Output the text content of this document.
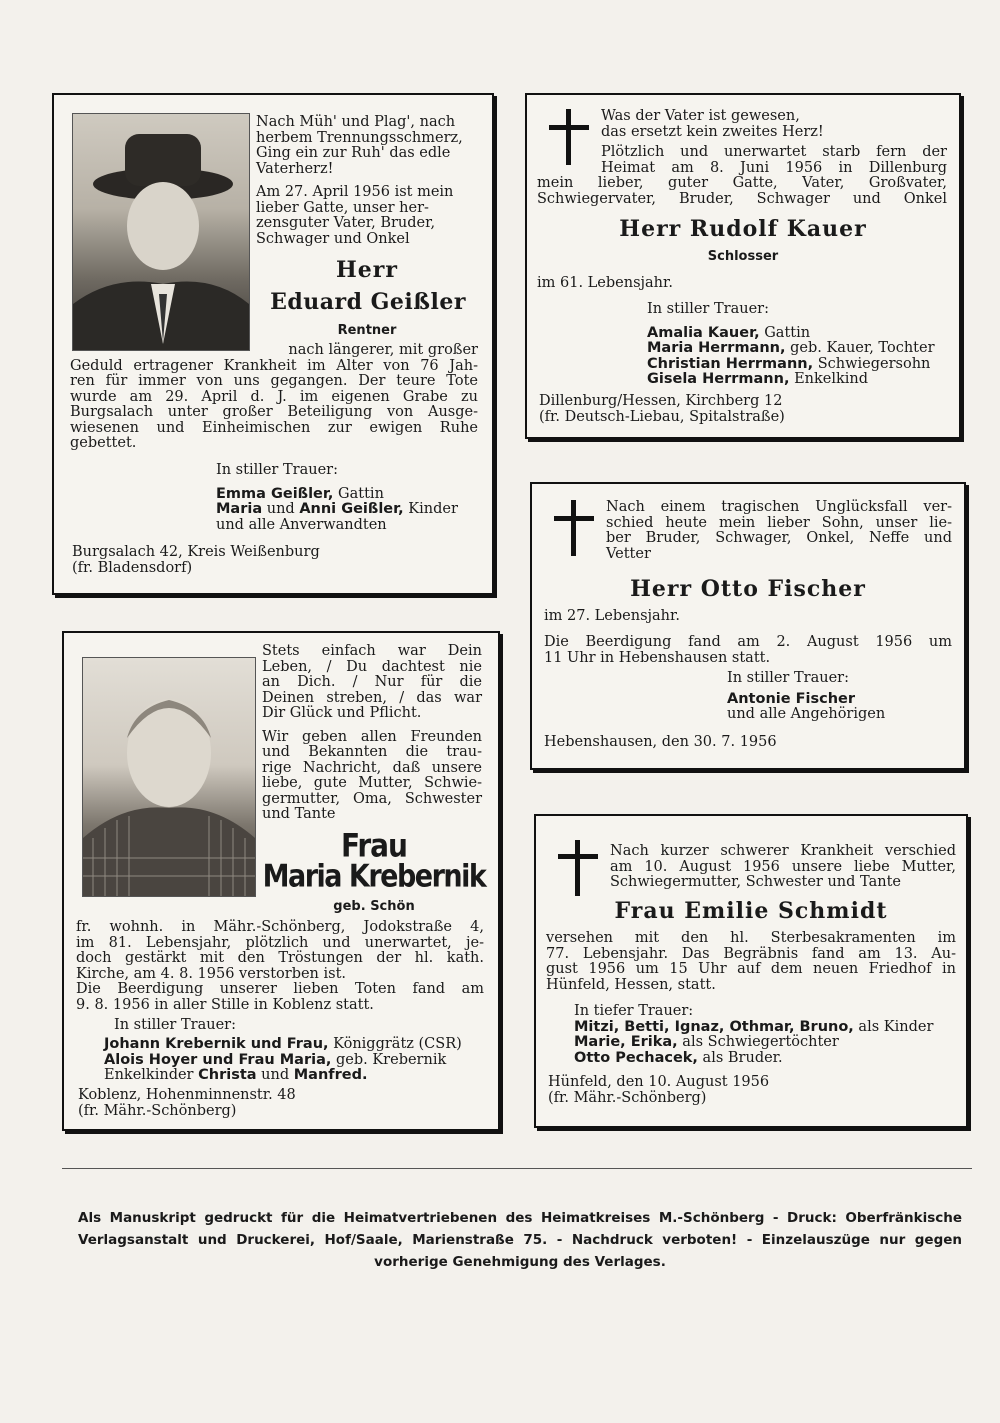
Nach Müh' und Plag', nach

herbem Trennungsschmerz,

Ging ein zur Ruh' das edle

Vaterherz!

Am 27. April 1956 ist mein

lieber Gatte, unser her-

zensguter Vater, Bruder,

Schwager und Onkel

Herr
Eduard Geißler
Rentner

nach längerer, mit großer

Geduld ertragener Krankheit im Alter von 76 Jah-

ren für immer von uns gegangen. Der teure Tote

wurde am 29. April d. J. im eigenen Grabe zu

Burgsalach unter großer Beteiligung von Ausge-

wiesenen und Einheimischen zur ewigen Ruhe

gebettet.

In stiller Trauer:

Emma Geißler, Gattin

Maria und Anni Geißler, Kinder

und alle Anverwandten

Burgsalach 42, Kreis Weißenburg

(fr. Bladensdorf)

Was der Vater ist gewesen,

das ersetzt kein zweites Herz!

Plötzlich und unerwartet starb fern der

Heimat am 8. Juni 1956 in Dillenburg

mein lieber, guter Gatte, Vater, Großvater,

Schwiegervater, Bruder, Schwager und Onkel

Herr Rudolf Kauer
Schlosser
im 61. Lebensjahr.

In stiller Trauer:

Amalia Kauer, Gattin

Maria Herrmann, geb. Kauer, Tochter

Christian Herrmann, Schwiegersohn

Gisela Herrmann, Enkelkind

Dillenburg/Hessen, Kirchberg 12

(fr. Deutsch-Liebau, Spitalstraße)

Nach einem tragischen Unglücksfall ver-

schied heute mein lieber Sohn, unser lie-

ber Bruder, Schwager, Onkel, Neffe und

Vetter

Herr Otto Fischer
im 27. Lebensjahr.

Die Beerdigung fand am 2. August 1956 um

11 Uhr in Hebenshausen statt.

In stiller Trauer:

Antonie Fischer

und alle Angehörigen

Hebenshausen, den 30. 7. 1956

Stets einfach war Dein

Leben, / Du dachtest nie

an Dich. / Nur für die

Deinen streben, / das war

Dir Glück und Pflicht.

Wir geben allen Freunden

und Bekannten die trau-

rige Nachricht, daß unsere

liebe, gute Mutter, Schwie-

germutter, Oma, Schwester

und Tante

Frau
Maria Krebernik
geb. Schön

fr. wohnh. in Mähr.-Schönberg, Jodokstraße 4,

im 81. Lebensjahr, plötzlich und unerwartet, je-

doch gestärkt mit den Tröstungen der hl. kath.

Kirche, am 4. 8. 1956 verstorben ist.

Die Beerdigung unserer lieben Toten fand am

9. 8. 1956 in aller Stille in Koblenz statt.

In stiller Trauer:

Johann Krebernik und Frau, Königgrätz (CSR)

Alois Hoyer und Frau Maria, geb. Krebernik

Enkelkinder Christa und Manfred.

Koblenz, Hohenminnenstr. 48

(fr. Mähr.-Schönberg)

Nach kurzer schwerer Krankheit verschied

am 10. August 1956 unsere liebe Mutter,

Schwiegermutter, Schwester und Tante

Frau Emilie Schmidt

versehen mit den hl. Sterbesakramenten im

77. Lebensjahr. Das Begräbnis fand am 13. Au-

gust 1956 um 15 Uhr auf dem neuen Friedhof in

Hünfeld, Hessen, statt.

In tiefer Trauer:

Mitzi, Betti, Ignaz, Othmar, Bruno, als Kinder

Marie, Erika, als Schwiegertöchter

Otto Pechacek, als Bruder.

Hünfeld, den 10. August 1956

(fr. Mähr.-Schönberg)

Als Manuskript gedruckt für die Heimatvertriebenen des Heimatkreises M.-Schönberg - Druck: Oberfränkische

Verlagsanstalt und Druckerei, Hof/Saale, Marienstraße 75. - Nachdruck verboten! - Einzelauszüge nur gegen

vorherige Genehmigung des Verlages.
